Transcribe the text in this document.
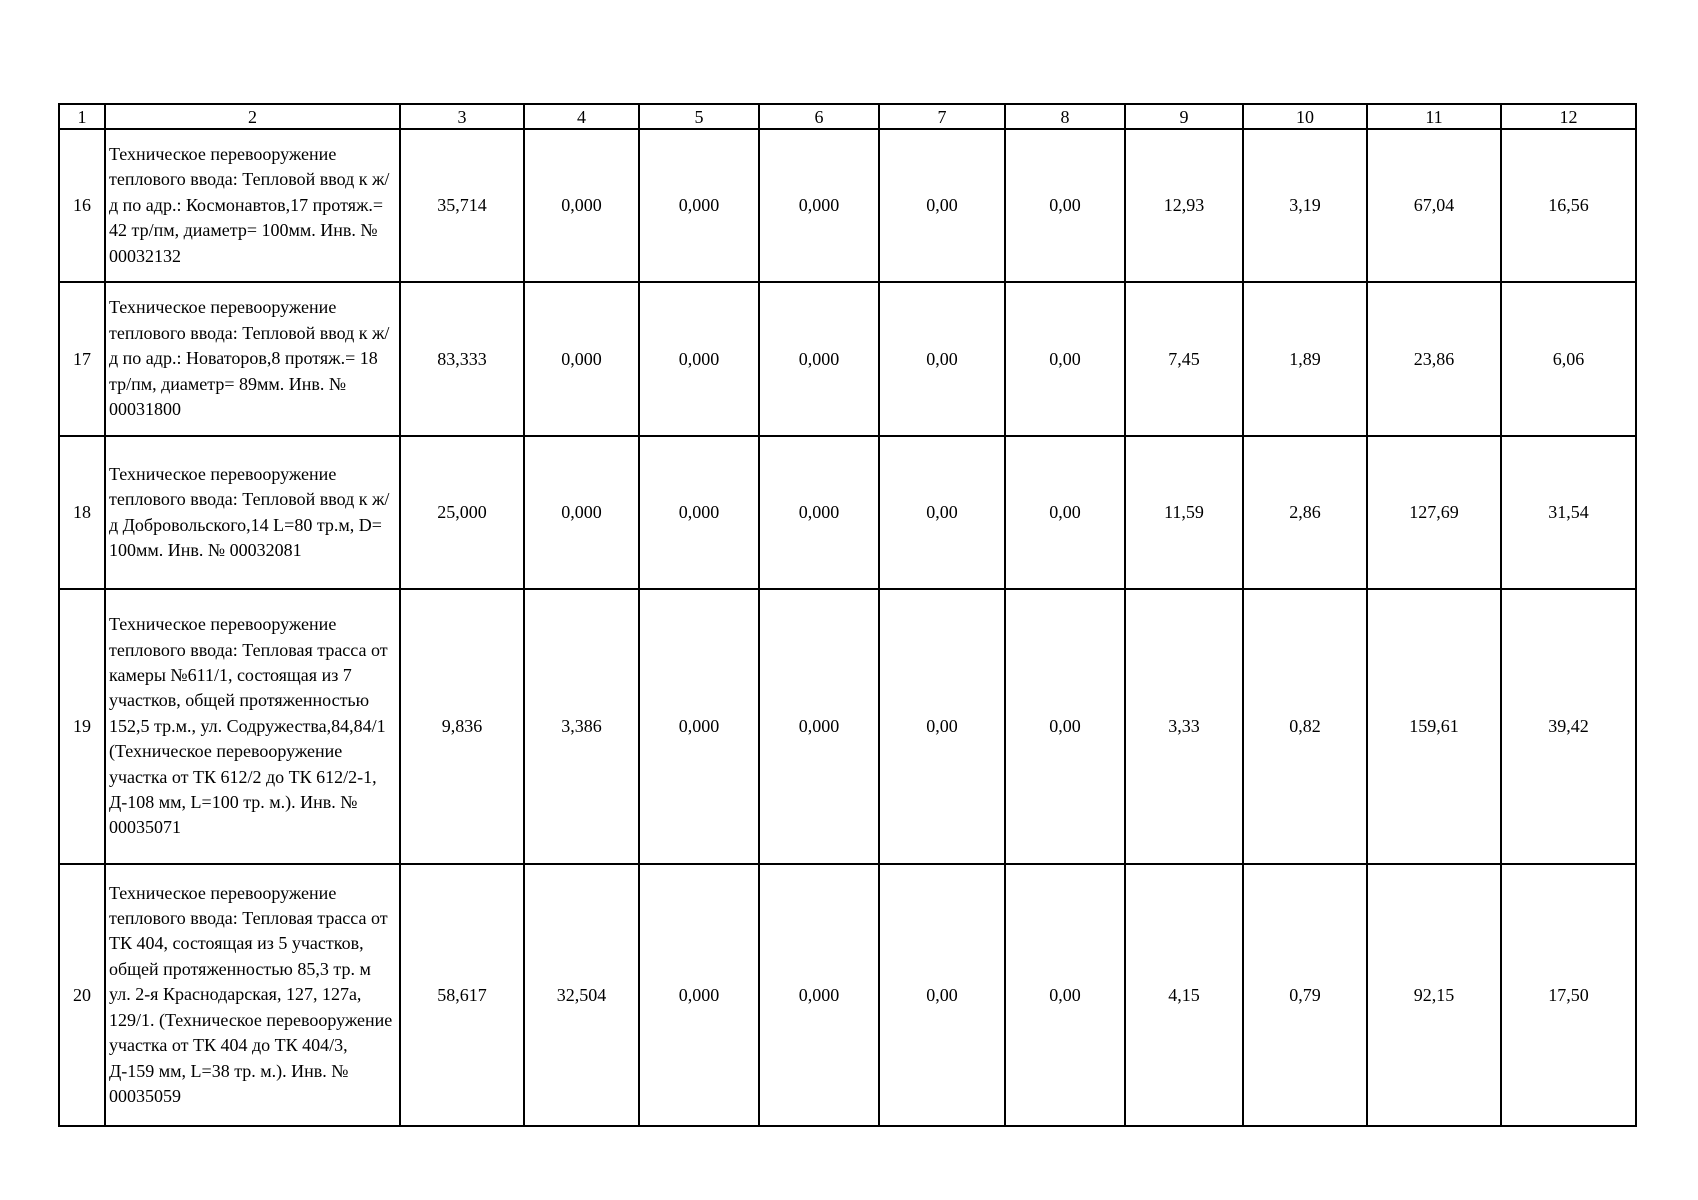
1	2	3	4	5	6	7	8	9	10	11	12
16	Техническое перевооружение теплового ввода: Тепловой ввод к ж/д по адр.: Космонавтов,17 протяж.= 42 тр/пм, диаметр= 100мм. Инв. № 00032132	35,714	0,000	0,000	0,000	0,00	0,00	12,93	3,19	67,04	16,56
17	Техническое перевооружение теплового ввода: Тепловой ввод к ж/д по адр.: Новаторов,8 протяж.= 18 тр/пм, диаметр= 89мм. Инв. № 00031800	83,333	0,000	0,000	0,000	0,00	0,00	7,45	1,89	23,86	6,06
18	Техническое перевооружение теплового ввода: Тепловой ввод к ж/д Добровольского,14 L=80 тр.м, D= 100мм. Инв. № 00032081	25,000	0,000	0,000	0,000	0,00	0,00	11,59	2,86	127,69	31,54
19	Техническое перевооружение теплового ввода: Тепловая трасса от камеры №611/1, состоящая из 7 участков, общей протяженностью 152,5 тр.м., ул. Содружества,84,84/1 (Техническое перевооружение участка от ТК 612/2 до ТК 612/2-1, Д-108 мм, L=100 тр. м.). Инв. № 00035071	9,836	3,386	0,000	0,000	0,00	0,00	3,33	0,82	159,61	39,42
20	Техническое перевооружение теплового ввода: Тепловая трасса от ТК 404, состоящая из 5 участков, общей протяженностью 85,3 тр. м ул. 2-я Краснодарская, 127, 127а, 129/1. (Техническое перевооружение участка от ТК 404 до ТК 404/3, Д-159 мм, L=38 тр. м.). Инв. № 00035059	58,617	32,504	0,000	0,000	0,00	0,00	4,15	0,79	92,15	17,50
